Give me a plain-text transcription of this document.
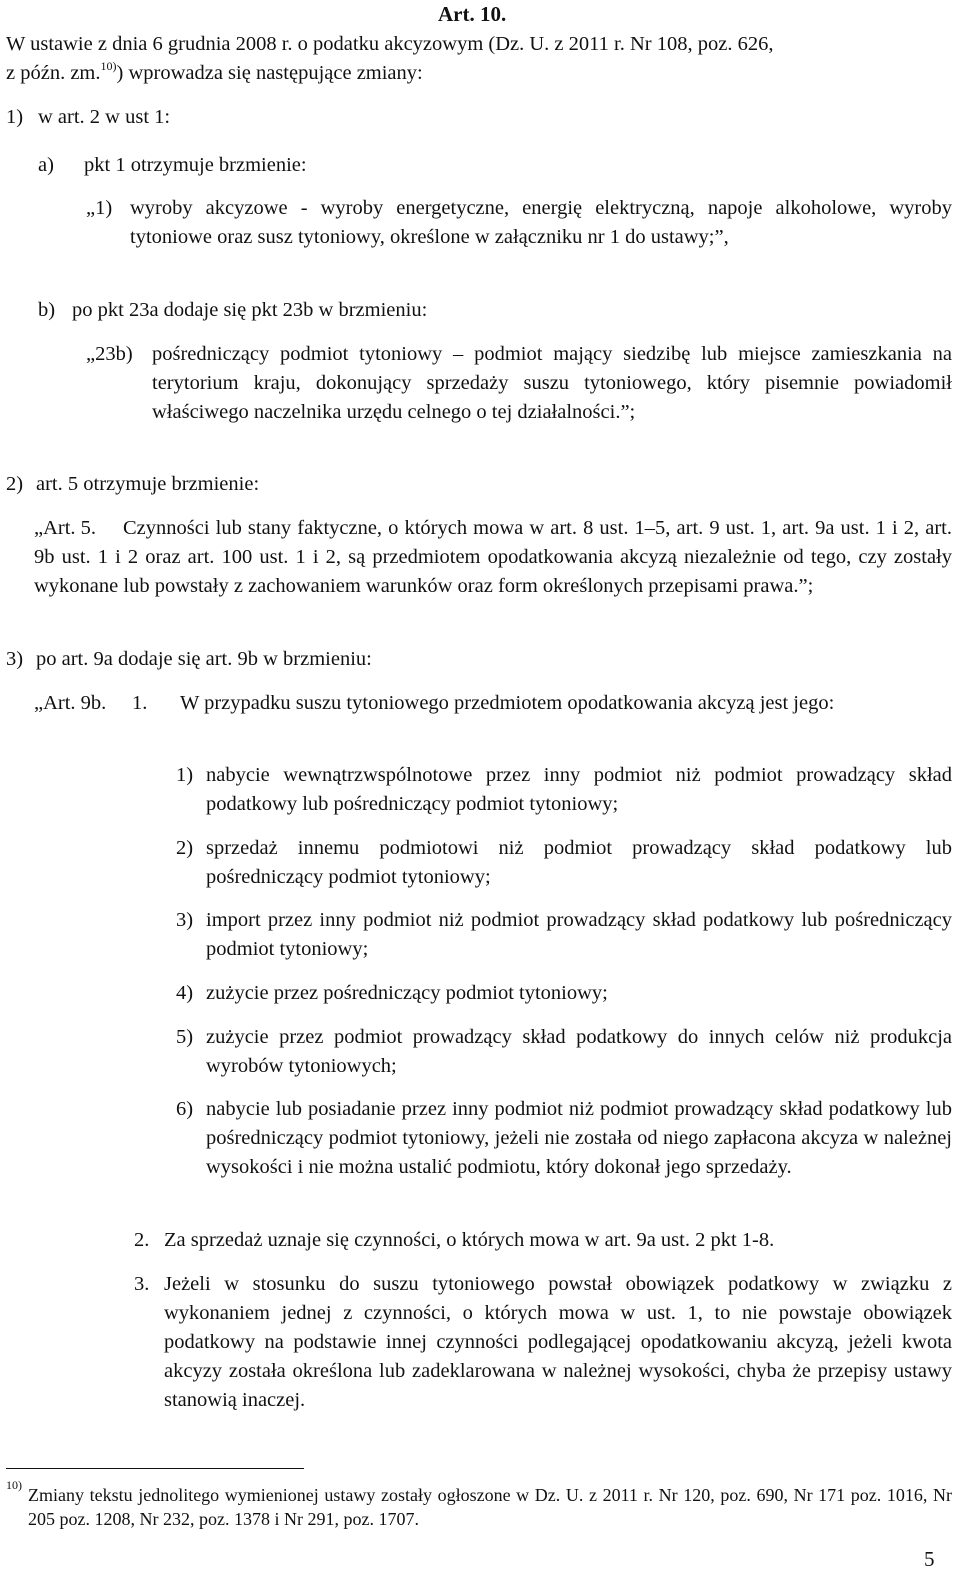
Art. 10.
W ustawie z dnia 6 grudnia 2008 r. o podatku akcyzowym (Dz. U. z 2011 r. Nr 108, poz. 626,
z późn. zm.$^{10)}$) wprowadza się następujące zmiany:
1) w art. 2 w ust 1:
a) pkt 1 otrzymuje brzmienie:
„1) wyroby akcyzowe - wyroby energetyczne, energię elektryczną, napoje alkoholowe, wyroby tytoniowe oraz susz tytoniowy, określone w załączniku nr 1 do ustawy;”,
b) po pkt 23a dodaje się pkt 23b w brzmieniu:
„23b) pośredniczący podmiot tytoniowy – podmiot mający siedzibę lub miejsce zamieszkania na terytorium kraju, dokonujący sprzedaży suszu tytoniowego, który pisemnie powiadomił właściwego naczelnika urzędu celnego o tej działalności.”;
2) art. 5 otrzymuje brzmienie:
„Art. 5.	Czynności lub stany faktyczne, o których mowa w art. 8 ust. 1–5, art. 9 ust. 1, art. 9a ust. 1 i 2, art. 9b ust. 1 i 2 oraz art. 100 ust. 1 i 2, są przedmiotem opodatkowania akcyzą niezależnie od tego, czy zostały wykonane lub powstały z zachowaniem warunków oraz form określonych przepisami prawa.”;
3) po art. 9a dodaje się art. 9b w brzmieniu:
„Art. 9b. 1. W przypadku suszu tytoniowego przedmiotem opodatkowania akcyzą jest jego:
1) nabycie wewnątrzwspólnotowe przez inny podmiot niż podmiot prowadzący skład podatkowy lub pośredniczący podmiot tytoniowy;
2) sprzedaż innemu podmiotowi niż podmiot prowadzący skład podatkowy lub pośredniczący podmiot tytoniowy;
3) import przez inny podmiot niż podmiot prowadzący skład podatkowy lub pośredniczący podmiot tytoniowy;
4) zużycie przez pośredniczący podmiot tytoniowy;
5) zużycie przez podmiot prowadzący skład podatkowy do innych celów niż produkcja wyrobów tytoniowych;
6) nabycie lub posiadanie przez inny podmiot niż podmiot prowadzący skład podatkowy lub pośredniczący podmiot tytoniowy, jeżeli nie została od niego zapłacona akcyza w należnej wysokości i nie można ustalić podmiotu, który dokonał jego sprzedaży.
2. Za sprzedaż uznaje się czynności, o których mowa w art. 9a ust. 2 pkt 1-8.
3. Jeżeli w stosunku do suszu tytoniowego powstał obowiązek podatkowy w związku z wykonaniem jednej z czynności, o których mowa w ust. 1, to nie powstaje obowiązek podatkowy na podstawie innej czynności podlegającej opodatkowaniu akcyzą, jeżeli kwota akcyzy została określona lub zadeklarowana w należnej wysokości, chyba że przepisy ustawy stanowią inaczej.
10) Zmiany tekstu jednolitego wymienionej ustawy zostały ogłoszone w Dz. U. z 2011 r. Nr 120, poz. 690, Nr 171 poz. 1016, Nr 205 poz. 1208, Nr 232, poz. 1378 i Nr 291, poz. 1707.
5
